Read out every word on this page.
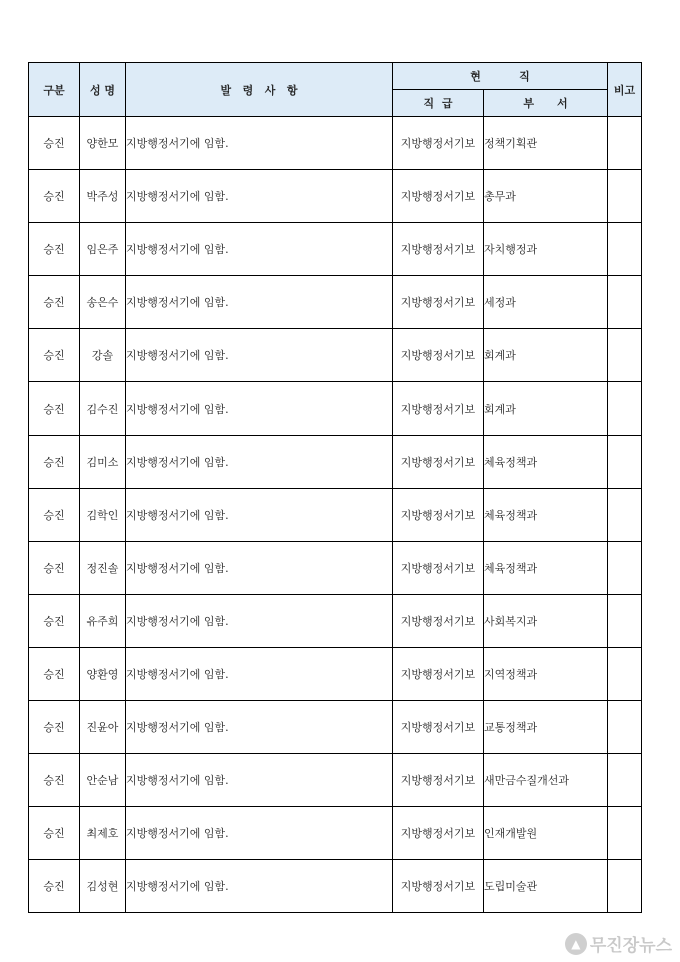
구분	성 명	발   령   사   항	현          직		비고
			직  급	부      서	
승진	양한모	지방행정서기에 임함.	지방행정서기보	정책기획관	
승진	박주성	지방행정서기에 임함.	지방행정서기보	총무과	
승진	임은주	지방행정서기에 임함.	지방행정서기보	자치행정과	
승진	송은수	지방행정서기에 임함.	지방행정서기보	세정과	
승진	강솔	지방행정서기에 임함.	지방행정서기보	회계과	
승진	김수진	지방행정서기에 임함.	지방행정서기보	회계과	
승진	김미소	지방행정서기에 임함.	지방행정서기보	체육정책과	
승진	김학인	지방행정서기에 임함.	지방행정서기보	체육정책과	
승진	정진솔	지방행정서기에 임함.	지방행정서기보	체육정책과	
승진	유주희	지방행정서기에 임함.	지방행정서기보	사회복지과	
승진	양환영	지방행정서기에 임함.	지방행정서기보	지역정책과	
승진	진윤아	지방행정서기에 임함.	지방행정서기보	교통정책과	
승진	안순남	지방행정서기에 임함.	지방행정서기보	새만금수질개선과	
승진	최제호	지방행정서기에 임함.	지방행정서기보	인재개발원	
승진	김성현	지방행정서기에 임함.	지방행정서기보	도립미술관	
▲ 무진장뉴스
